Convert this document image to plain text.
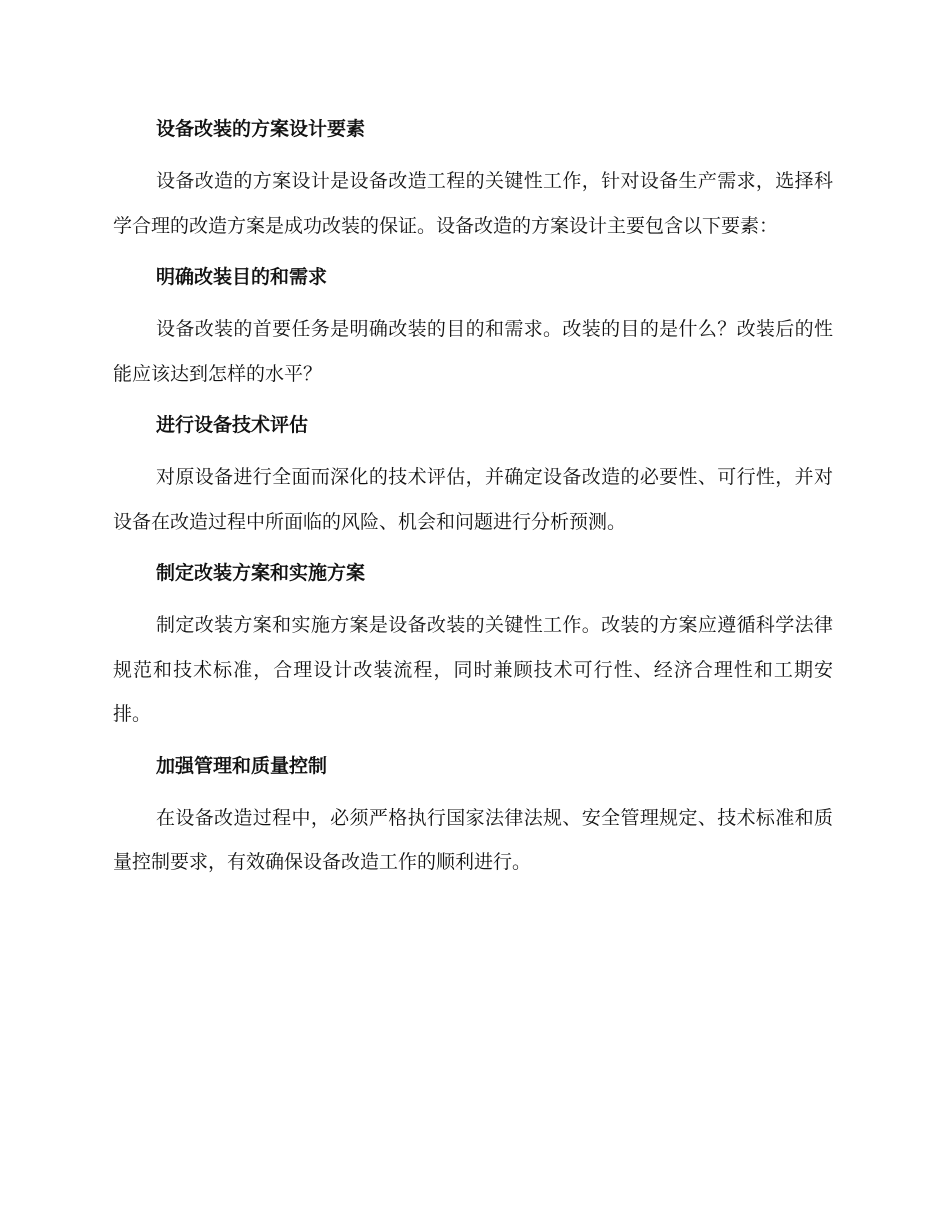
设备改装的方案设计要素

设备改造的方案设计是设备改造工程的关键性工作，针对设备生产需求，选择科学合理的改造方案是成功改装的保证。设备改造的方案设计主要包含以下要素：

明确改装目的和需求

设备改装的首要任务是明确改装的目的和需求。改装的目的是什么？改装后的性能应该达到怎样的水平？

进行设备技术评估

对原设备进行全面而深化的技术评估，并确定设备改造的必要性、可行性，并对设备在改造过程中所面临的风险、机会和问题进行分析预测。

制定改装方案和实施方案

制定改装方案和实施方案是设备改装的关键性工作。改装的方案应遵循科学法律规范和技术标准，合理设计改装流程，同时兼顾技术可行性、经济合理性和工期安排。

加强管理和质量控制

在设备改造过程中，必须严格执行国家法律法规、安全管理规定、技术标准和质量控制要求，有效确保设备改造工作的顺利进行。
